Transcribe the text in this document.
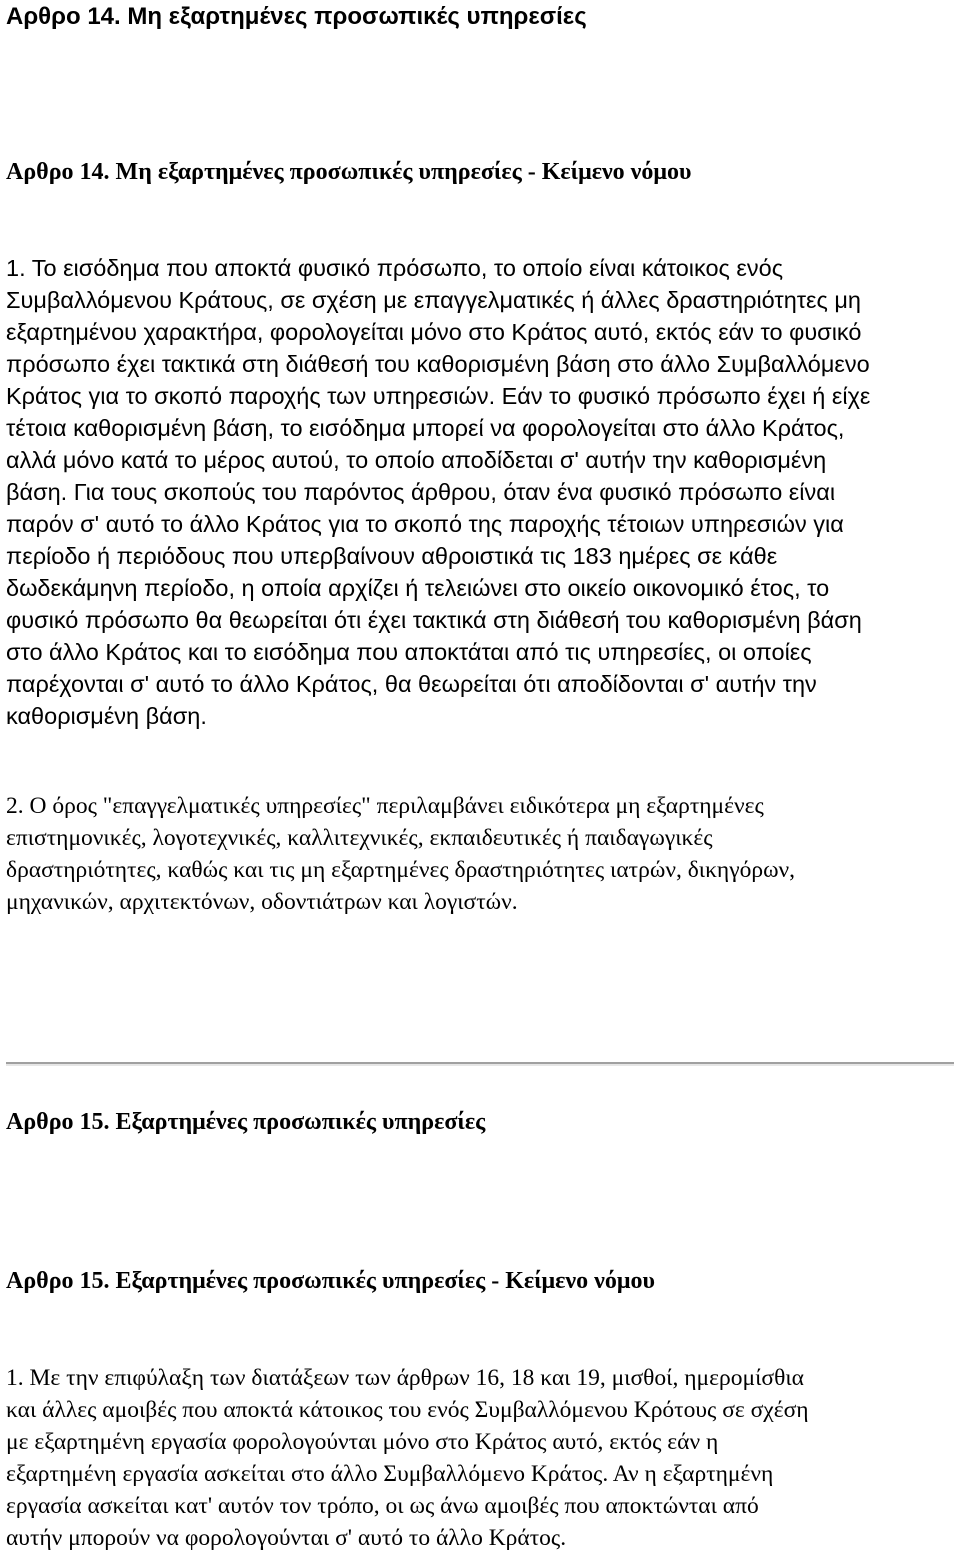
Αρθρο 14. Μη εξαρτημένες προσωπικές υπηρεσίες
Αρθρο 14. Μη εξαρτημένες προσωπικές υπηρεσίες - Κείμενο νόμου
1. Το εισόδημα που αποκτά φυσικό πρόσωπο, το οποίο είναι κάτοικος ενός
Συμβαλλόμενου Κράτους, σε σχέση με επαγγελματικές ή άλλες δραστηριότητες μη
εξαρτημένου χαρακτήρα, φορολογείται μόνο στο Κράτος αυτό, εκτός εάν το φυσικό
πρόσωπο έχει τακτικά στη διάθεσή του καθορισμένη βάση στο άλλο Συμβαλλόμενο
Κράτος για το σκοπό παροχής των υπηρεσιών. Εάν το φυσικό πρόσωπο έχει ή είχε
τέτοια καθορισμένη βάση, το εισόδημα μπορεί να φορολογείται στο άλλο Κράτος,
αλλά μόνο κατά το μέρος αυτού, το οποίο αποδίδεται σ' αυτήν την καθορισμένη
βάση. Για τους σκοπούς του παρόντος άρθρου, όταν ένα φυσικό πρόσωπο είναι
παρόν σ' αυτό το άλλο Κράτος για το σκοπό της παροχής τέτοιων υπηρεσιών για
περίοδο ή περιόδους που υπερβαίνουν αθροιστικά τις 183 ημέρες σε κάθε
δωδεκάμηνη περίοδο, η οποία αρχίζει ή τελειώνει στο οικείο οικονομικό έτος, το
φυσικό πρόσωπο θα θεωρείται ότι έχει τακτικά στη διάθεσή του καθορισμένη βάση
στο άλλο Κράτος και το εισόδημα που αποκτάται από τις υπηρεσίες, οι οποίες
παρέχονται σ' αυτό το άλλο Κράτος, θα θεωρείται ότι αποδίδονται σ' αυτήν την
καθορισμένη βάση.
2. Ο όρος "επαγγελματικές υπηρεσίες" περιλαμβάνει ειδικότερα μη εξαρτημένες
επιστημονικές, λογοτεχνικές, καλλιτεχνικές, εκπαιδευτικές ή παιδαγωγικές
δραστηριότητες, καθώς και τις μη εξαρτημένες δραστηριότητες ιατρών, δικηγόρων,
μηχανικών, αρχιτεκτόνων, οδοντιάτρων και λογιστών.
Αρθρο 15. Εξαρτημένες προσωπικές υπηρεσίες
Αρθρο 15. Εξαρτημένες προσωπικές υπηρεσίες - Κείμενο νόμου
1. Με την επιφύλαξη των διατάξεων των άρθρων 16, 18 και 19, μισθοί, ημερομίσθια
και άλλες αμοιβές που αποκτά κάτοικος του ενός Συμβαλλόμενου Κρότους σε σχέση
με εξαρτημένη εργασία φορολογούνται μόνο στο Κράτος αυτό, εκτός εάν η
εξαρτημένη εργασία ασκείται στο άλλο Συμβαλλόμενο Κράτος. Αν η εξαρτημένη
εργασία ασκείται κατ' αυτόν τον τρόπο, οι ως άνω αμοιβές που αποκτώνται από
αυτήν μπορούν να φορολογούνται σ' αυτό το άλλο Κράτος.
